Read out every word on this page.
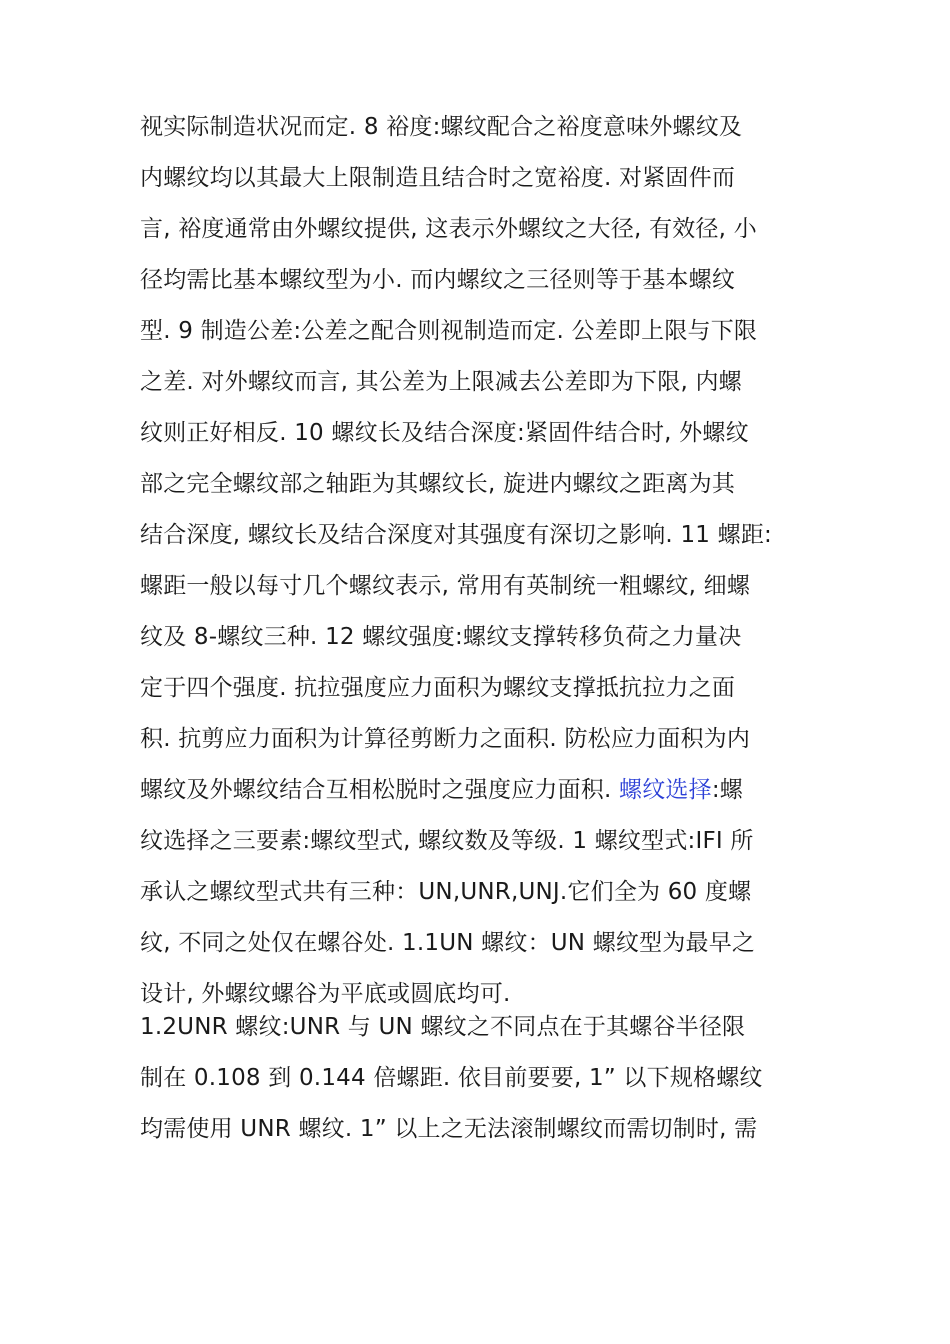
视实际制造状况而定. 8 裕度:螺纹配合之裕度意味外螺纹及
内螺纹均以其最大上限制造且结合时之宽裕度. 对紧固件而
言, 裕度通常由外螺纹提供, 这表示外螺纹之大径, 有效径, 小
径均需比基本螺纹型为小. 而内螺纹之三径则等于基本螺纹
型. 9 制造公差:公差之配合则视制造而定. 公差即上限与下限
之差. 对外螺纹而言, 其公差为上限减去公差即为下限, 内螺
纹则正好相反. 10 螺纹长及结合深度:紧固件结合时, 外螺纹
部之完全螺纹部之轴距为其螺纹长, 旋进内螺纹之距离为其
结合深度, 螺纹长及结合深度对其强度有深切之影响. 11 螺距:
螺距一般以每寸几个螺纹表示, 常用有英制统一粗螺纹, 细螺
纹及 8-螺纹三种. 12 螺纹强度:螺纹支撑转移负荷之力量决
定于四个强度. 抗拉强度应力面积为螺纹支撑抵抗拉力之面
积. 抗剪应力面积为计算径剪断力之面积. 防松应力面积为内
螺纹及外螺纹结合互相松脱时之强度应力面积. 螺纹选择:螺
纹选择之三要素:螺纹型式, 螺纹数及等级. 1 螺纹型式:IFI 所
承认之螺纹型式共有三种：UN,UNR,UNJ.它们全为 60 度螺
纹, 不同之处仅在螺谷处. 1.1UN 螺纹：UN 螺纹型为最早之
设计, 外螺纹螺谷为平底或圆底均可.
1.2UNR 螺纹:UNR 与 UN 螺纹之不同点在于其螺谷半径限
制在 0.108 到 0.144 倍螺距. 依目前要要, 1” 以下规格螺纹
均需使用 UNR 螺纹. 1” 以上之无法滚制螺纹而需切制时, 需
